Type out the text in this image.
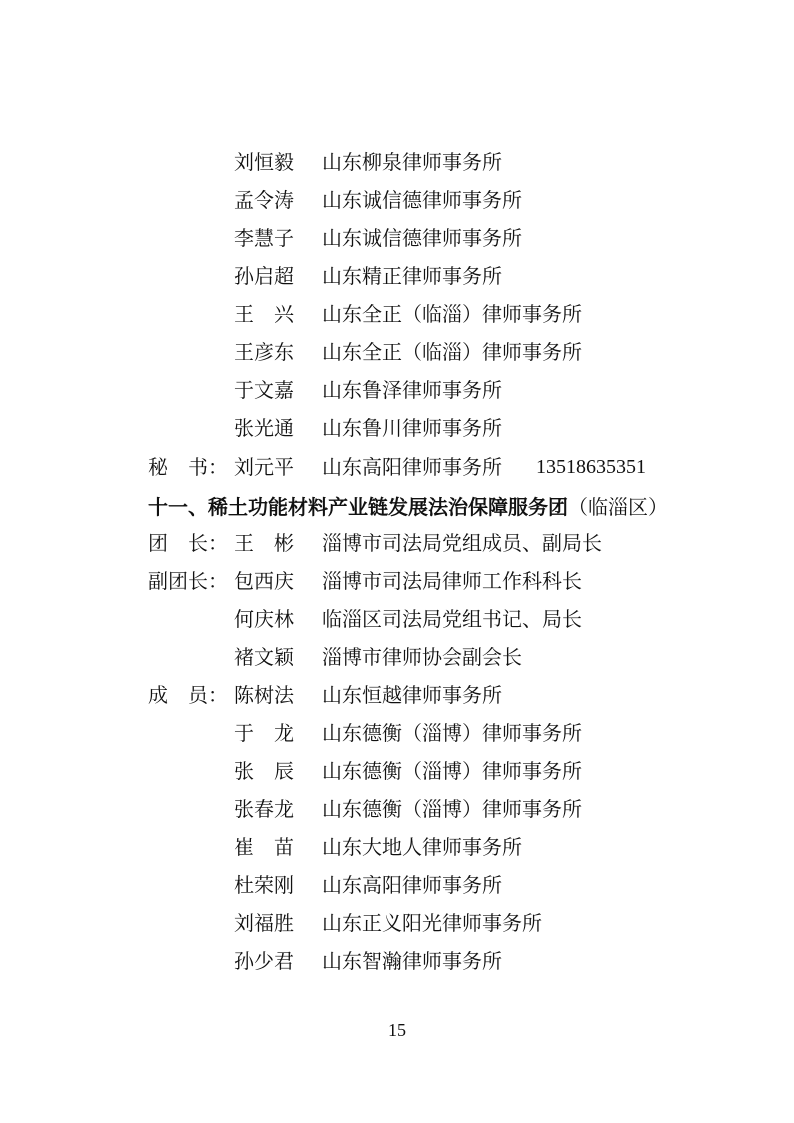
刘恒毅	山东柳泉律师事务所
孟令涛	山东诚信德律师事务所
李慧子	山东诚信德律师事务所
孙启超	山东精正律师事务所
王　兴	山东全正（临淄）律师事务所
王彦东	山东全正（临淄）律师事务所
于文嘉	山东鲁泽律师事务所
张光通	山东鲁川律师事务所
秘　书： 刘元平	山东高阳律师事务所 13518635351
十一、稀土功能材料产业链发展法治保障服务团（临淄区）
团　长： 王　彬	淄博市司法局党组成员、副局长
副团长： 包西庆	淄博市司法局律师工作科科长
何庆林	临淄区司法局党组书记、局长
褚文颖	淄博市律师协会副会长
成　员： 陈树法	山东恒越律师事务所
于　龙	山东德衡（淄博）律师事务所
张　辰	山东德衡（淄博）律师事务所
张春龙	山东德衡（淄博）律师事务所
崔　苗	山东大地人律师事务所
杜荣刚	山东高阳律师事务所
刘福胜	山东正义阳光律师事务所
孙少君	山东智瀚律师事务所
15
